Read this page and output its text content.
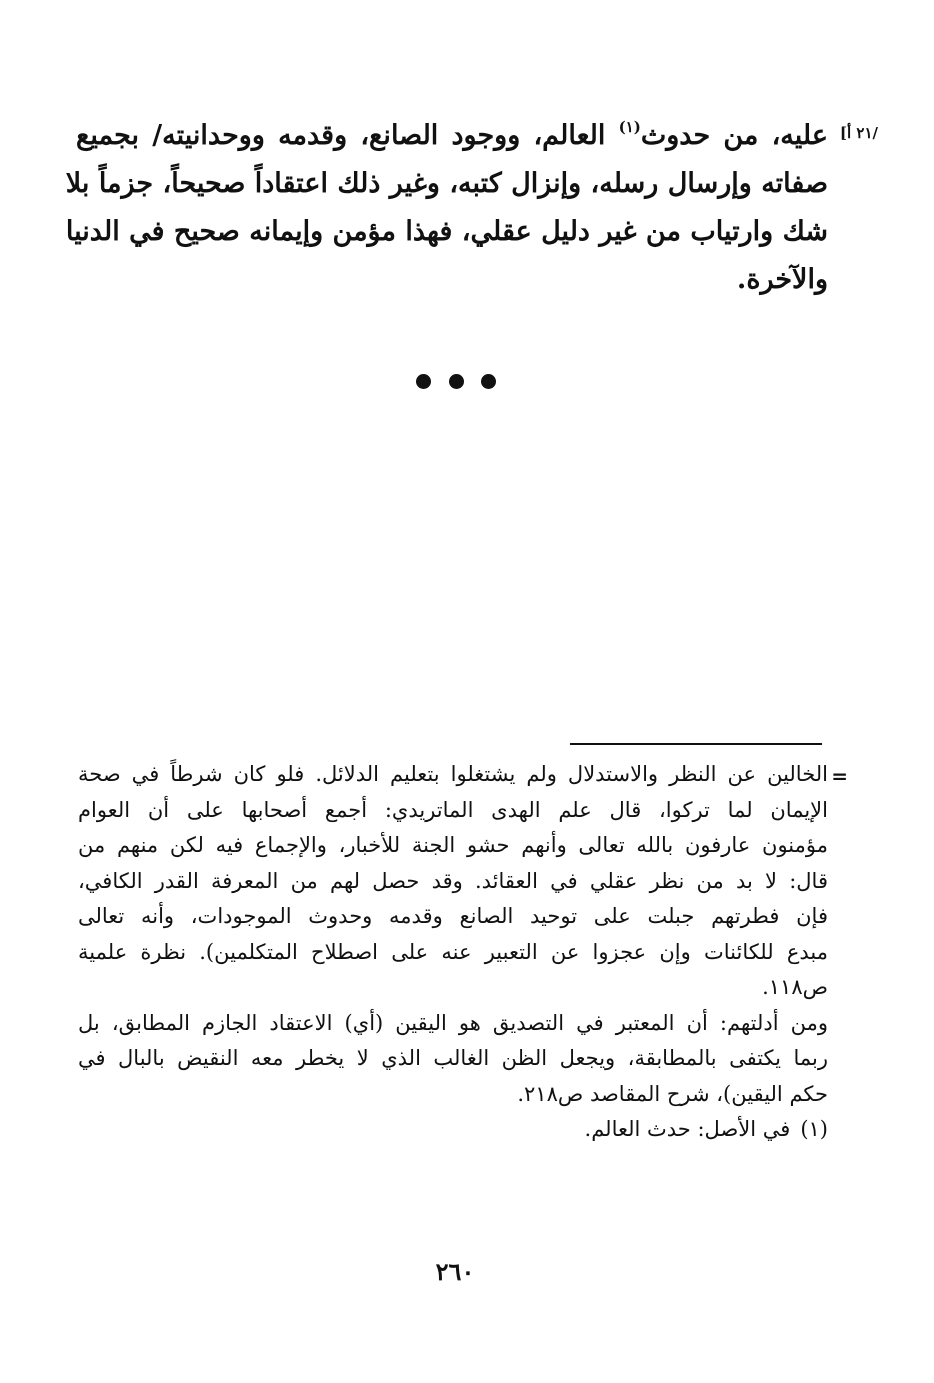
/٢١ أ]
عليه، من حدوث$^{(١)}$ العالم، ووجود الصانع، وقدمه ووحدانيته/ بجميع
صفاته وإرسال رسله، وإنزال كتبه، وغير ذلك اعتقاداً صحيحاً، جزماً بلا
شك وارتياب من غير دليل عقلي، فهذا مؤمن وإيمانه صحيح في الدنيا
والآخرة.
=
الخالين عن النظر والاستدلال ولم يشتغلوا بتعليم الدلائل. فلو كان شرطاً في صحة
الإيمان لما تركوا، قال علم الهدى الماتريدي: أجمع أصحابها على أن العوام
مؤمنون عارفون بالله تعالى وأنهم حشو الجنة للأخبار، والإجماع فيه لكن منهم من
قال: لا بد من نظر عقلي في العقائد. وقد حصل لهم من المعرفة القدر الكافي،
فإن فطرتهم جبلت على توحيد الصانع وقدمه وحدوث الموجودات، وأنه تعالى
مبدع للكائنات وإن عجزوا عن التعبير عنه على اصطلاح المتكلمين). نظرة علمية
ص١١٨.
ومن أدلتهم: أن المعتبر في التصديق هو اليقين (أي) الاعتقاد الجازم المطابق، بل
ربما يكتفى بالمطابقة، ويجعل الظن الغالب الذي لا يخطر معه النقيض بالبال في
حكم اليقين)، شرح المقاصد ص٢١٨.
(١)في الأصل: حدث العالم.
٢٦٠
